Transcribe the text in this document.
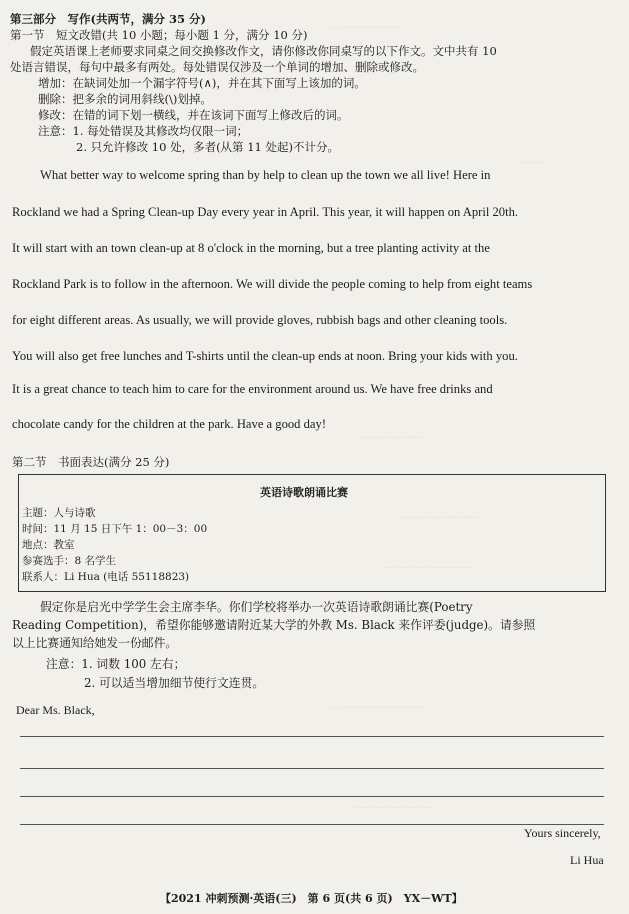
.......................
.......
....................
..........................
.............................
..............................
..........................
第三部分　写作(共两节，满分 35 分)
第一节　短文改错(共 10 小题；每小题 1 分，满分 10 分)
假定英语课上老师要求同桌之间交换修改作文，请你修改你同桌写的以下作文。文中共有 10
处语言错误，每句中最多有两处。每处错误仅涉及一个单词的增加、删除或修改。
增加：在缺词处加一个漏字符号(∧)，并在其下面写上该加的词。
删除：把多余的词用斜线(\)划掉。
修改：在错的词下划一横线，并在该词下面写上修改后的词。
注意：1. 每处错误及其修改均仅限一词；
2. 只允许修改 10 处，多者(从第 11 处起)不计分。
What better way to welcome spring than by help to clean up the town we all live! Here in
Rockland we had a Spring Clean-up Day every year in April. This year, it will happen on April 20th.
It will start with an town clean-up at 8 o'clock in the morning, but a tree planting activity at the
Rockland Park is to follow in the afternoon. We will divide the people coming to help from eight teams
for eight different areas. As usually, we will provide gloves, rubbish bags and other cleaning tools.
You will also get free lunches and T-shirts until the clean-up ends at noon. Bring your kids with you.
It is a great chance to teach him to care for the environment around us. We have free drinks and
chocolate candy for the children at the park. Have a good day!
第二节　书面表达(满分 25 分)
英语诗歌朗诵比赛
主题：人与诗歌
时间：11 月 15 日下午 1：00－3：00
地点：教室
参赛选手：8 名学生
联系人：Li Hua (电话 55118823)
假定你是启光中学学生会主席李华。你们学校将举办一次英语诗歌朗诵比赛(Poetry
Reading Competition)，希望你能够邀请附近某大学的外教 Ms. Black 来作评委(judge)。请参照
以上比赛通知给她发一份邮件。
注意：1. 词数 100 左右；
2. 可以适当增加细节使行文连贯。
Dear Ms. Black,
Yours sincerely,
Li Hua
【2021 冲刺预测·英语(三)　第 6 页(共 6 页)　YX－WT】
